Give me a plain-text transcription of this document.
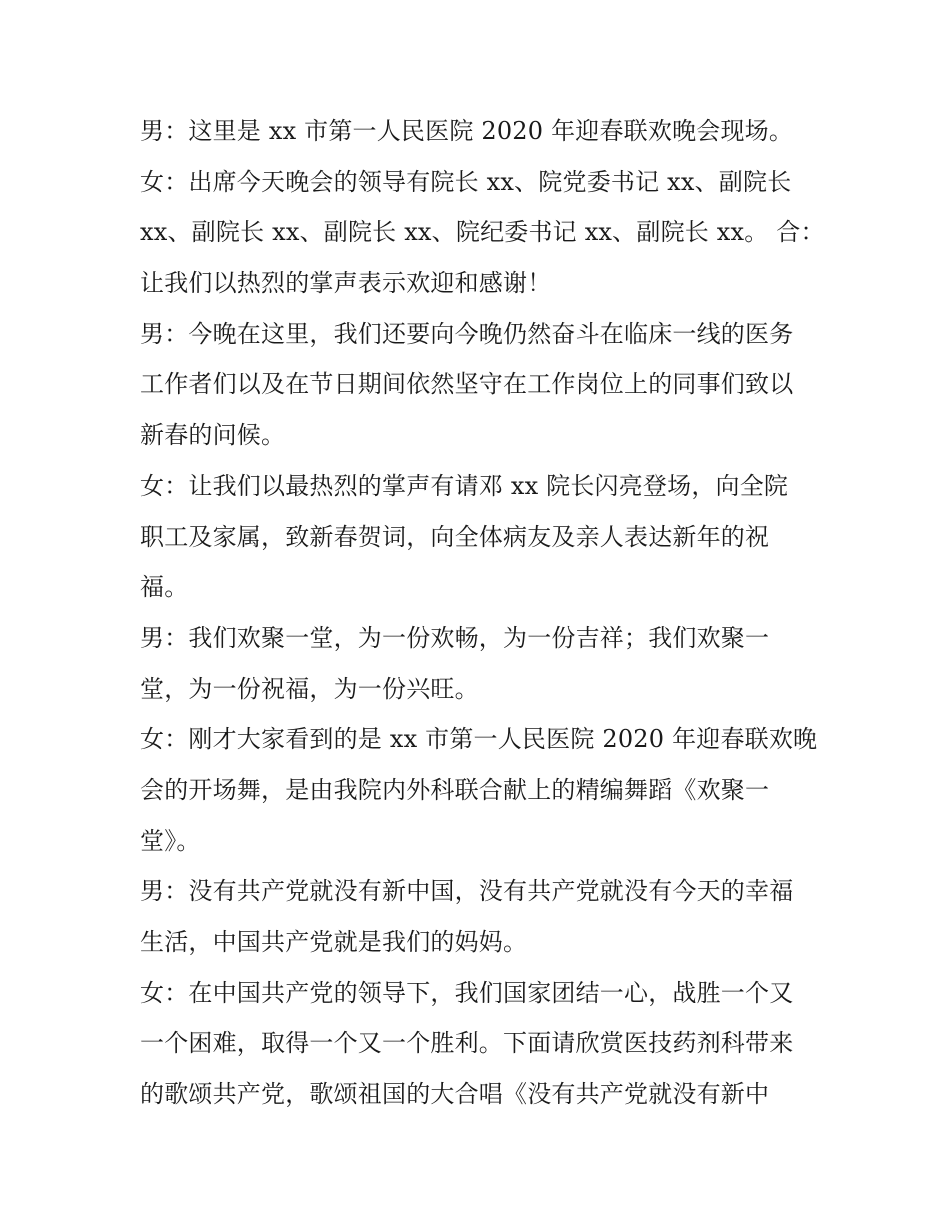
男：这里是 xx 市第一人民医院 2020 年迎春联欢晚会现场。
女：出席今天晚会的领导有院长 xx、院党委书记 xx、副院长
xx、副院长 xx、副院长 xx、院纪委书记 xx、副院长 xx。 合：
让我们以热烈的掌声表示欢迎和感谢！
男：今晚在这里，我们还要向今晚仍然奋斗在临床一线的医务
工作者们以及在节日期间依然坚守在工作岗位上的同事们致以
新春的问候。
女：让我们以最热烈的掌声有请邓 xx 院长闪亮登场，向全院
职工及家属，致新春贺词，向全体病友及亲人表达新年的祝
福。
男：我们欢聚一堂，为一份欢畅，为一份吉祥；我们欢聚一
堂，为一份祝福，为一份兴旺。
女：刚才大家看到的是 xx 市第一人民医院 2020 年迎春联欢晚
会的开场舞，是由我院内外科联合献上的精编舞蹈《欢聚一
堂》。
男：没有共产党就没有新中国，没有共产党就没有今天的幸福
生活，中国共产党就是我们的妈妈。
女：在中国共产党的领导下，我们国家团结一心，战胜一个又
一个困难，取得一个又一个胜利。下面请欣赏医技药剂科带来
的歌颂共产党，歌颂祖国的大合唱《没有共产党就没有新中
